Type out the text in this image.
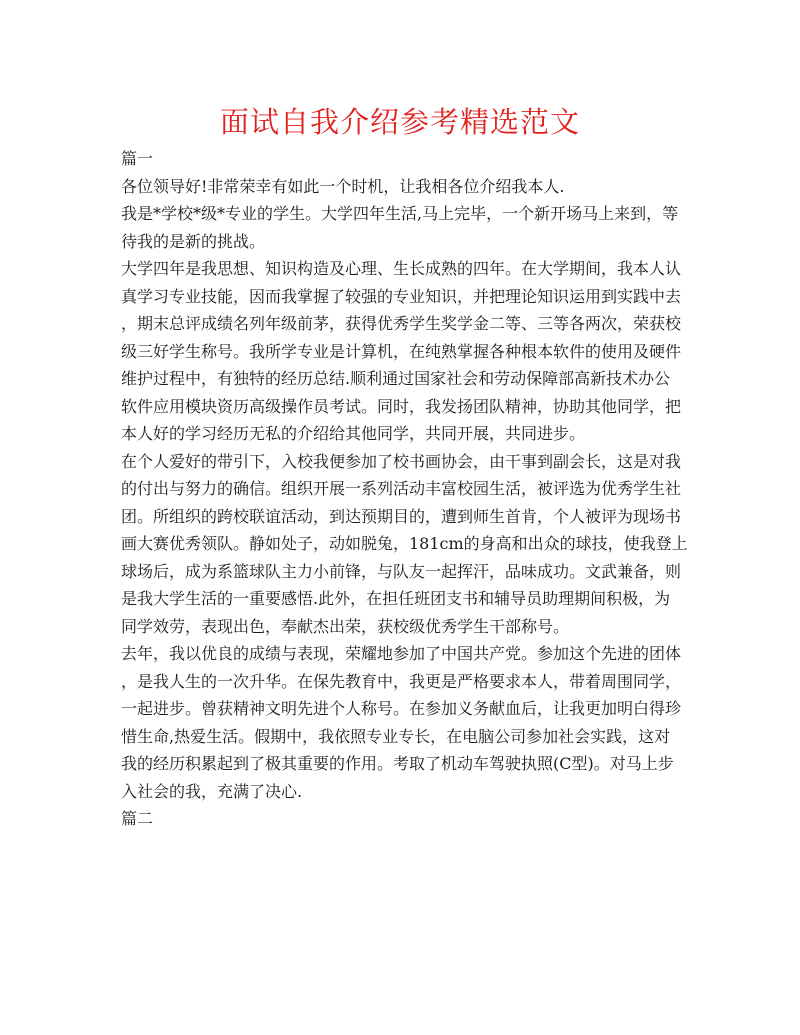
面试自我介绍参考精选范文
篇一
各位领导好!非常荣幸有如此一个时机，让我相各位介绍我本人.
我是*学校*级*专业的学生。大学四年生活,马上完毕，一个新开场马上来到，等
待我的是新的挑战。
大学四年是我思想、知识构造及心理、生长成熟的四年。在大学期间，我本人认
真学习专业技能，因而我掌握了较强的专业知识，并把理论知识运用到实践中去
，期末总评成绩名列年级前茅，获得优秀学生奖学金二等、三等各两次，荣获校
级三好学生称号。我所学专业是计算机，在纯熟掌握各种根本软件的使用及硬件
维护过程中，有独特的经历总结.顺利通过国家社会和劳动保障部高新技术办公
软件应用模块资历高级操作员考试。同时，我发扬团队精神，协助其他同学，把
本人好的学习经历无私的介绍给其他同学，共同开展，共同进步。
在个人爱好的带引下，入校我便参加了校书画协会，由干事到副会长，这是对我
的付出与努力的确信。组织开展一系列活动丰富校园生活，被评选为优秀学生社
团。所组织的跨校联谊活动，到达预期目的，遭到师生首肯，个人被评为现场书
画大赛优秀领队。静如处子，动如脱兔，181cm的身高和出众的球技，使我登上
球场后，成为系篮球队主力小前锋，与队友一起挥汗，品味成功。文武兼备，则
是我大学生活的一重要感悟.此外，在担任班团支书和辅导员助理期间积极，为
同学效劳，表现出色，奉献杰出荣，获校级优秀学生干部称号。
去年，我以优良的成绩与表现，荣耀地参加了中国共产党。参加这个先进的团体
，是我人生的一次升华。在保先教育中，我更是严格要求本人，带着周围同学，
一起进步。曾获精神文明先进个人称号。在参加义务献血后，让我更加明白得珍
惜生命,热爱生活。假期中，我依照专业专长，在电脑公司参加社会实践，这对
我的经历积累起到了极其重要的作用。考取了机动车驾驶执照(C型)。对马上步
入社会的我，充满了决心.
篇二
